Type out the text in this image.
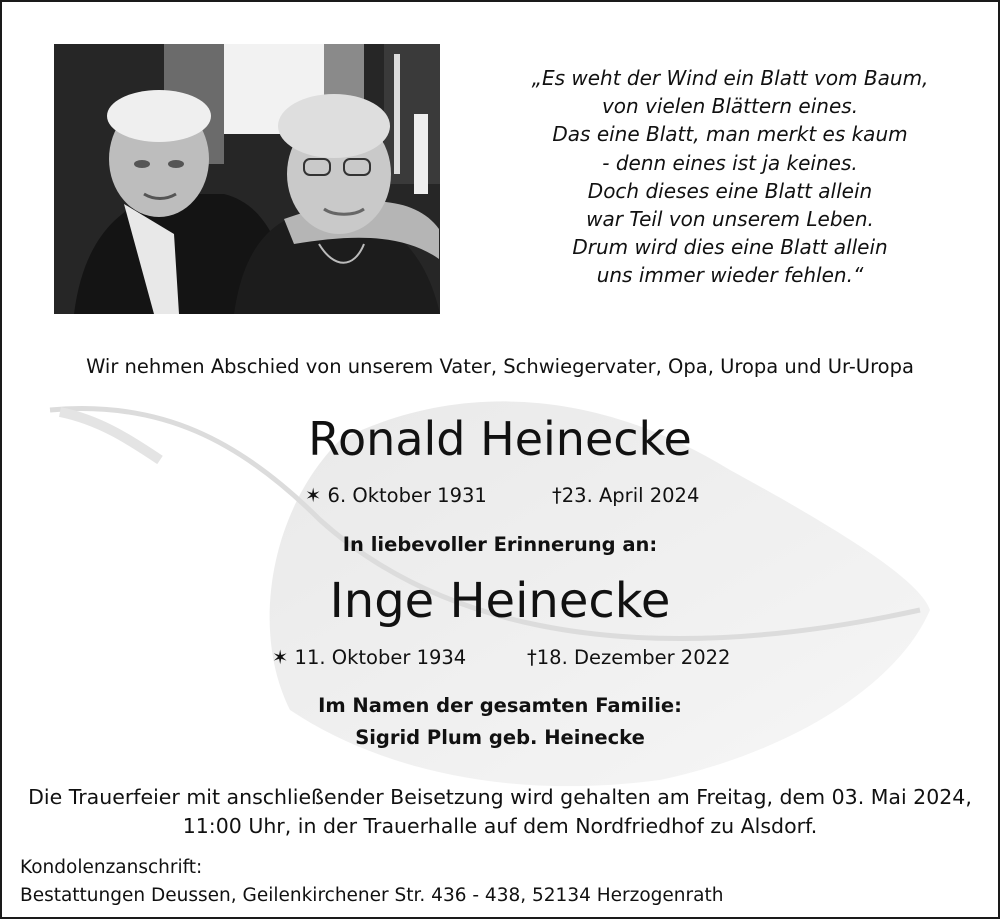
„Es weht der Wind ein Blatt vom Baum,
von vielen Blättern eines.
Das eine Blatt, man merkt es kaum
- denn eines ist ja keines.
Doch dieses eine Blatt allein
war Teil von unserem Leben.
Drum wird dies eine Blatt allein
uns immer wieder fehlen.“
Wir nehmen Abschied von unserem Vater, Schwiegervater, Opa, Uropa und Ur-Uropa
Ronald Heinecke
✶ 6. Oktober 1931	†23. April 2024
In liebevoller Erinnerung an:
Inge Heinecke
✶ 11. Oktober 1934	†18. Dezember 2022
Im Namen der gesamten Familie:
Sigrid Plum geb. Heinecke
Die Trauerfeier mit anschließender Beisetzung wird gehalten am Freitag, dem 03. Mai 2024,
11:00 Uhr, in der Trauerhalle auf dem Nordfriedhof zu Alsdorf.
Kondolenzanschrift:
Bestattungen Deussen, Geilenkirchener Str. 436 - 438, 52134 Herzogenrath
